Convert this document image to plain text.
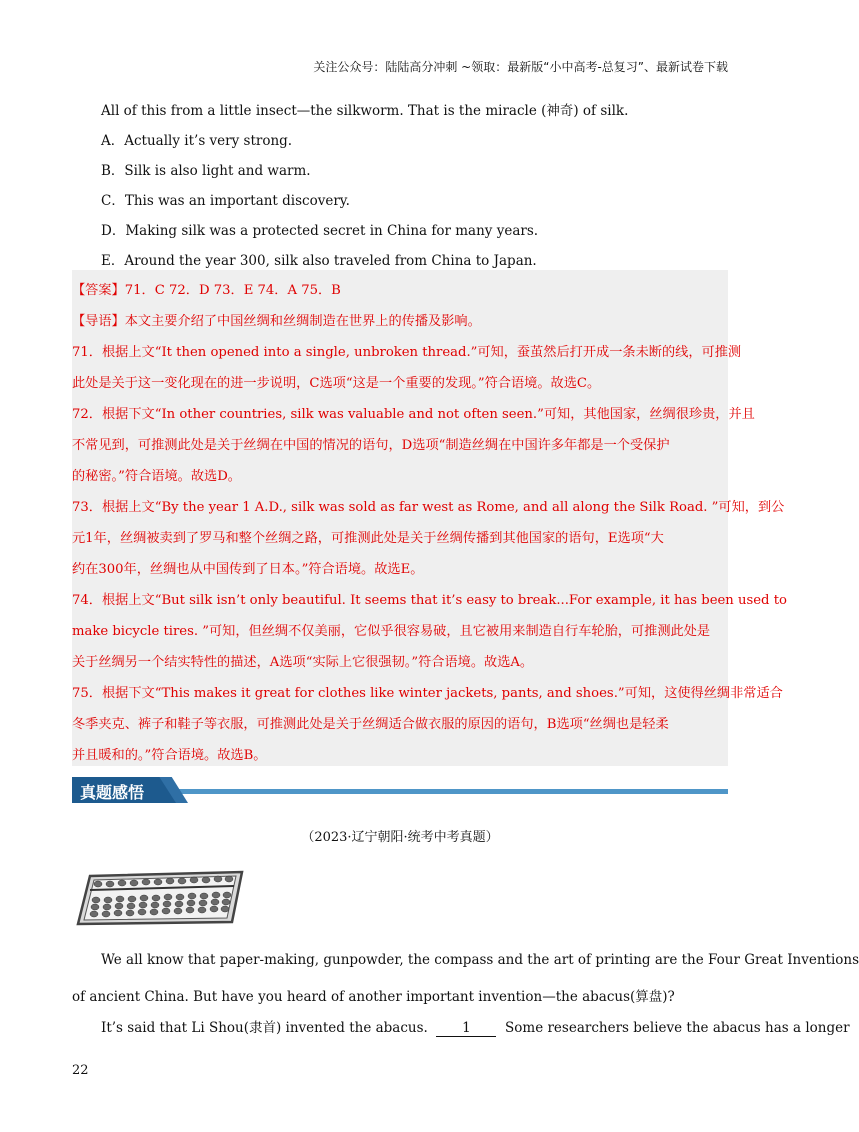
关注公众号：陆陆高分冲刺 ~领取：最新版“小中高考-总复习”、最新试卷下载
All of this from a little insect—the silkworm. That is the miracle (神奇) of silk.
A．Actually it’s very strong.
B．Silk is also light and warm.
C．This was an important discovery.
D．Making silk was a protected secret in China for many years.
E．Around the year 300, silk also traveled from China to Japan.
【答案】71．C 72．D 73．E 74．A 75．B
【导语】本文主要介绍了中国丝绸和丝绸制造在世界上的传播及影响。
71．根据上文“It then opened into a single, unbroken thread.”可知，蚕茧然后打开成一条未断的线，可推测
此处是关于这一变化现在的进一步说明，C选项“这是一个重要的发现。”符合语境。故选C。
72．根据下文“In other countries, silk was valuable and not often seen.”可知，其他国家，丝绸很珍贵，并且
不常见到，可推测此处是关于丝绸在中国的情况的语句，D选项“制造丝绸在中国许多年都是一个受保护
的秘密。”符合语境。故选D。
73．根据上文“By the year 1 A.D., silk was sold as far west as Rome, and all along the Silk Road. ”可知，到公
元1年，丝绸被卖到了罗马和整个丝绸之路，可推测此处是关于丝绸传播到其他国家的语句，E选项“大
约在300年，丝绸也从中国传到了日本。”符合语境。故选E。
74．根据上文“But silk isn’t only beautiful. It seems that it’s easy to break...For example, it has been used to
make bicycle tires. ”可知，但丝绸不仅美丽，它似乎很容易破，且它被用来制造自行车轮胎，可推测此处是
关于丝绸另一个结实特性的描述，A选项“实际上它很强韧。”符合语境。故选A。
75．根据下文“This makes it great for clothes like winter jackets, pants, and shoes.”可知，这使得丝绸非常适合
冬季夹克、裤子和鞋子等衣服，可推测此处是关于丝绸适合做衣服的原因的语句，B选项“丝绸也是轻柔
并且暖和的。”符合语境。故选B。
真题感悟
（2023·辽宁朝阳·统考中考真题）
We all know that paper-making, gunpowder, the compass and the art of printing are the Four Great Inventions
of ancient China. But have you heard of another important invention—the abacus(算盘)?
It’s said that Li Shou(隶首) invented the abacus.	1	Some researchers believe the abacus has a longer
22
